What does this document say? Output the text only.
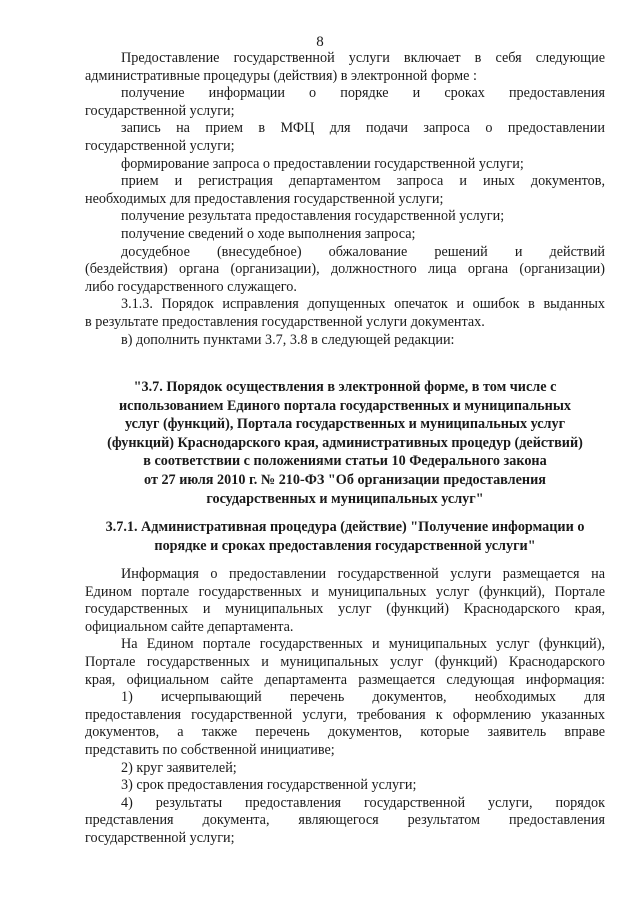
8
Предоставление государственной услуги включает в себя следующие
административные процедуры (действия) в электронной форме :
получение информации о порядке и сроках предоставления
государственной услуги;
запись на прием в МФЦ для подачи запроса о предоставлении
государственной услуги;
формирование запроса о предоставлении государственной услуги;
прием и регистрация департаментом запроса и иных документов,
необходимых для предоставления государственной услуги;
получение результата предоставления государственной услуги;
получение сведений о ходе выполнения запроса;
досудебное (внесудебное) обжалование решений и действий
(бездействия) органа (организации), должностного лица органа (организации)
либо государственного служащего.
3.1.3. Порядок исправления допущенных опечаток и ошибок в выданных
в результате предоставления государственной услуги документах.
в) дополнить пунктами 3.7, 3.8 в следующей редакции:
"3.7. Порядок осуществления в электронной форме, в том числе с
использованием Единого портала государственных и муниципальных
услуг (функций), Портала государственных и муниципальных услуг
(функций) Краснодарского края, административных процедур (действий)
в соответствии с положениями статьи 10 Федерального закона
от 27 июля 2010 г. № 210-ФЗ "Об организации предоставления
государственных и муниципальных услуг"
3.7.1. Административная процедура (действие) "Получение информации о
порядке и сроках предоставления государственной услуги"
Информация о предоставлении государственной услуги размещается на
Едином портале государственных и муниципальных услуг (функций), Портале
государственных и муниципальных услуг (функций) Краснодарского края,
официальном сайте департамента.
На Едином портале государственных и муниципальных услуг (функций),
Портале государственных и муниципальных услуг (функций) Краснодарского
края, официальном сайте департамента размещается следующая информация:
1) исчерпывающий перечень документов, необходимых для
предоставления государственной услуги, требования к оформлению указанных
документов, а также перечень документов, которые заявитель вправе
представить по собственной инициативе;
2) круг заявителей;
3) срок предоставления государственной услуги;
4) результаты предоставления государственной услуги, порядок
представления документа, являющегося результатом предоставления
государственной услуги;
